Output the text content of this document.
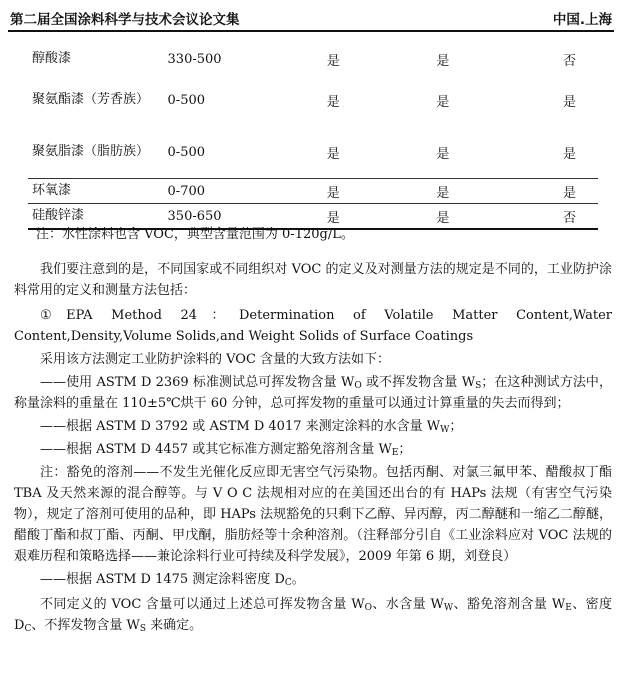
第二届全国涂料科学与技术会议论文集	中国.上海
醇酸漆	330-500	是	是	否
聚氨酯漆（芳香族）	0-500	是	是	是
聚氨脂漆（脂肪族）	0-500	是	是	是
环氧漆	0-700	是	是	是
硅酸锌漆	350-650	是	是	否

注：水性涂料也含 VOC，典型含量范围为 0-120g/L。

我们要注意到的是，不同国家或不同组织对 VOC 的定义及对测量方法的规定是不同的，工业防护涂料常用的定义和测量方法包括：

①EPA Method 24：Determination of Volatile Matter Content,Water Content,Density,Volume Solids,and Weight Solids of Surface Coatings

采用该方法测定工业防护涂料的 VOC 含量的大致方法如下：

——使用 ASTM D 2369 标准测试总可挥发物含量 $W_O$ 或不挥发物含量 $W_S$；在这种测试方法中，称量涂料的重量在 110±5℃烘干 60 分钟，总可挥发物的重量可以通过计算重量的失去而得到；

——根据 ASTM D 3792 或 ASTM D 4017 来测定涂料的水含量 $W_W$；

——根据 ASTM D 4457 或其它标准方测定豁免溶剂含量 $W_E$；

注：豁免的溶剂——不发生光催化反应即无害空气污染物。包括丙酮、对氯三氟甲苯、醋酸叔丁酯 TBA 及天然来源的混合醇等。与 V O C 法规相对应的在美国还出台的有 HAPs 法规（有害空气污染物），规定了溶剂可使用的品种，即 HAPs 法规豁免的只剩下乙醇、异丙醇，丙二醇醚和一缩乙二醇醚，醋酸丁酯和叔丁酯、丙酮、甲戊酮，脂肪烃等十余种溶剂。（注释部分引自《工业涂料应对 VOC 法规的艰难历程和策略选择——兼论涂料行业可持续及科学发展》，2009 年第 6 期，刘登良）

——根据 ASTM D 1475 测定涂料密度 $D_C$。

不同定义的 VOC 含量可以通过上述总可挥发物含量 $W_O$、水含量 $W_W$、豁免溶剂含量 $W_E$、密度 $D_C$、不挥发物含量 $W_S$ 来确定。
